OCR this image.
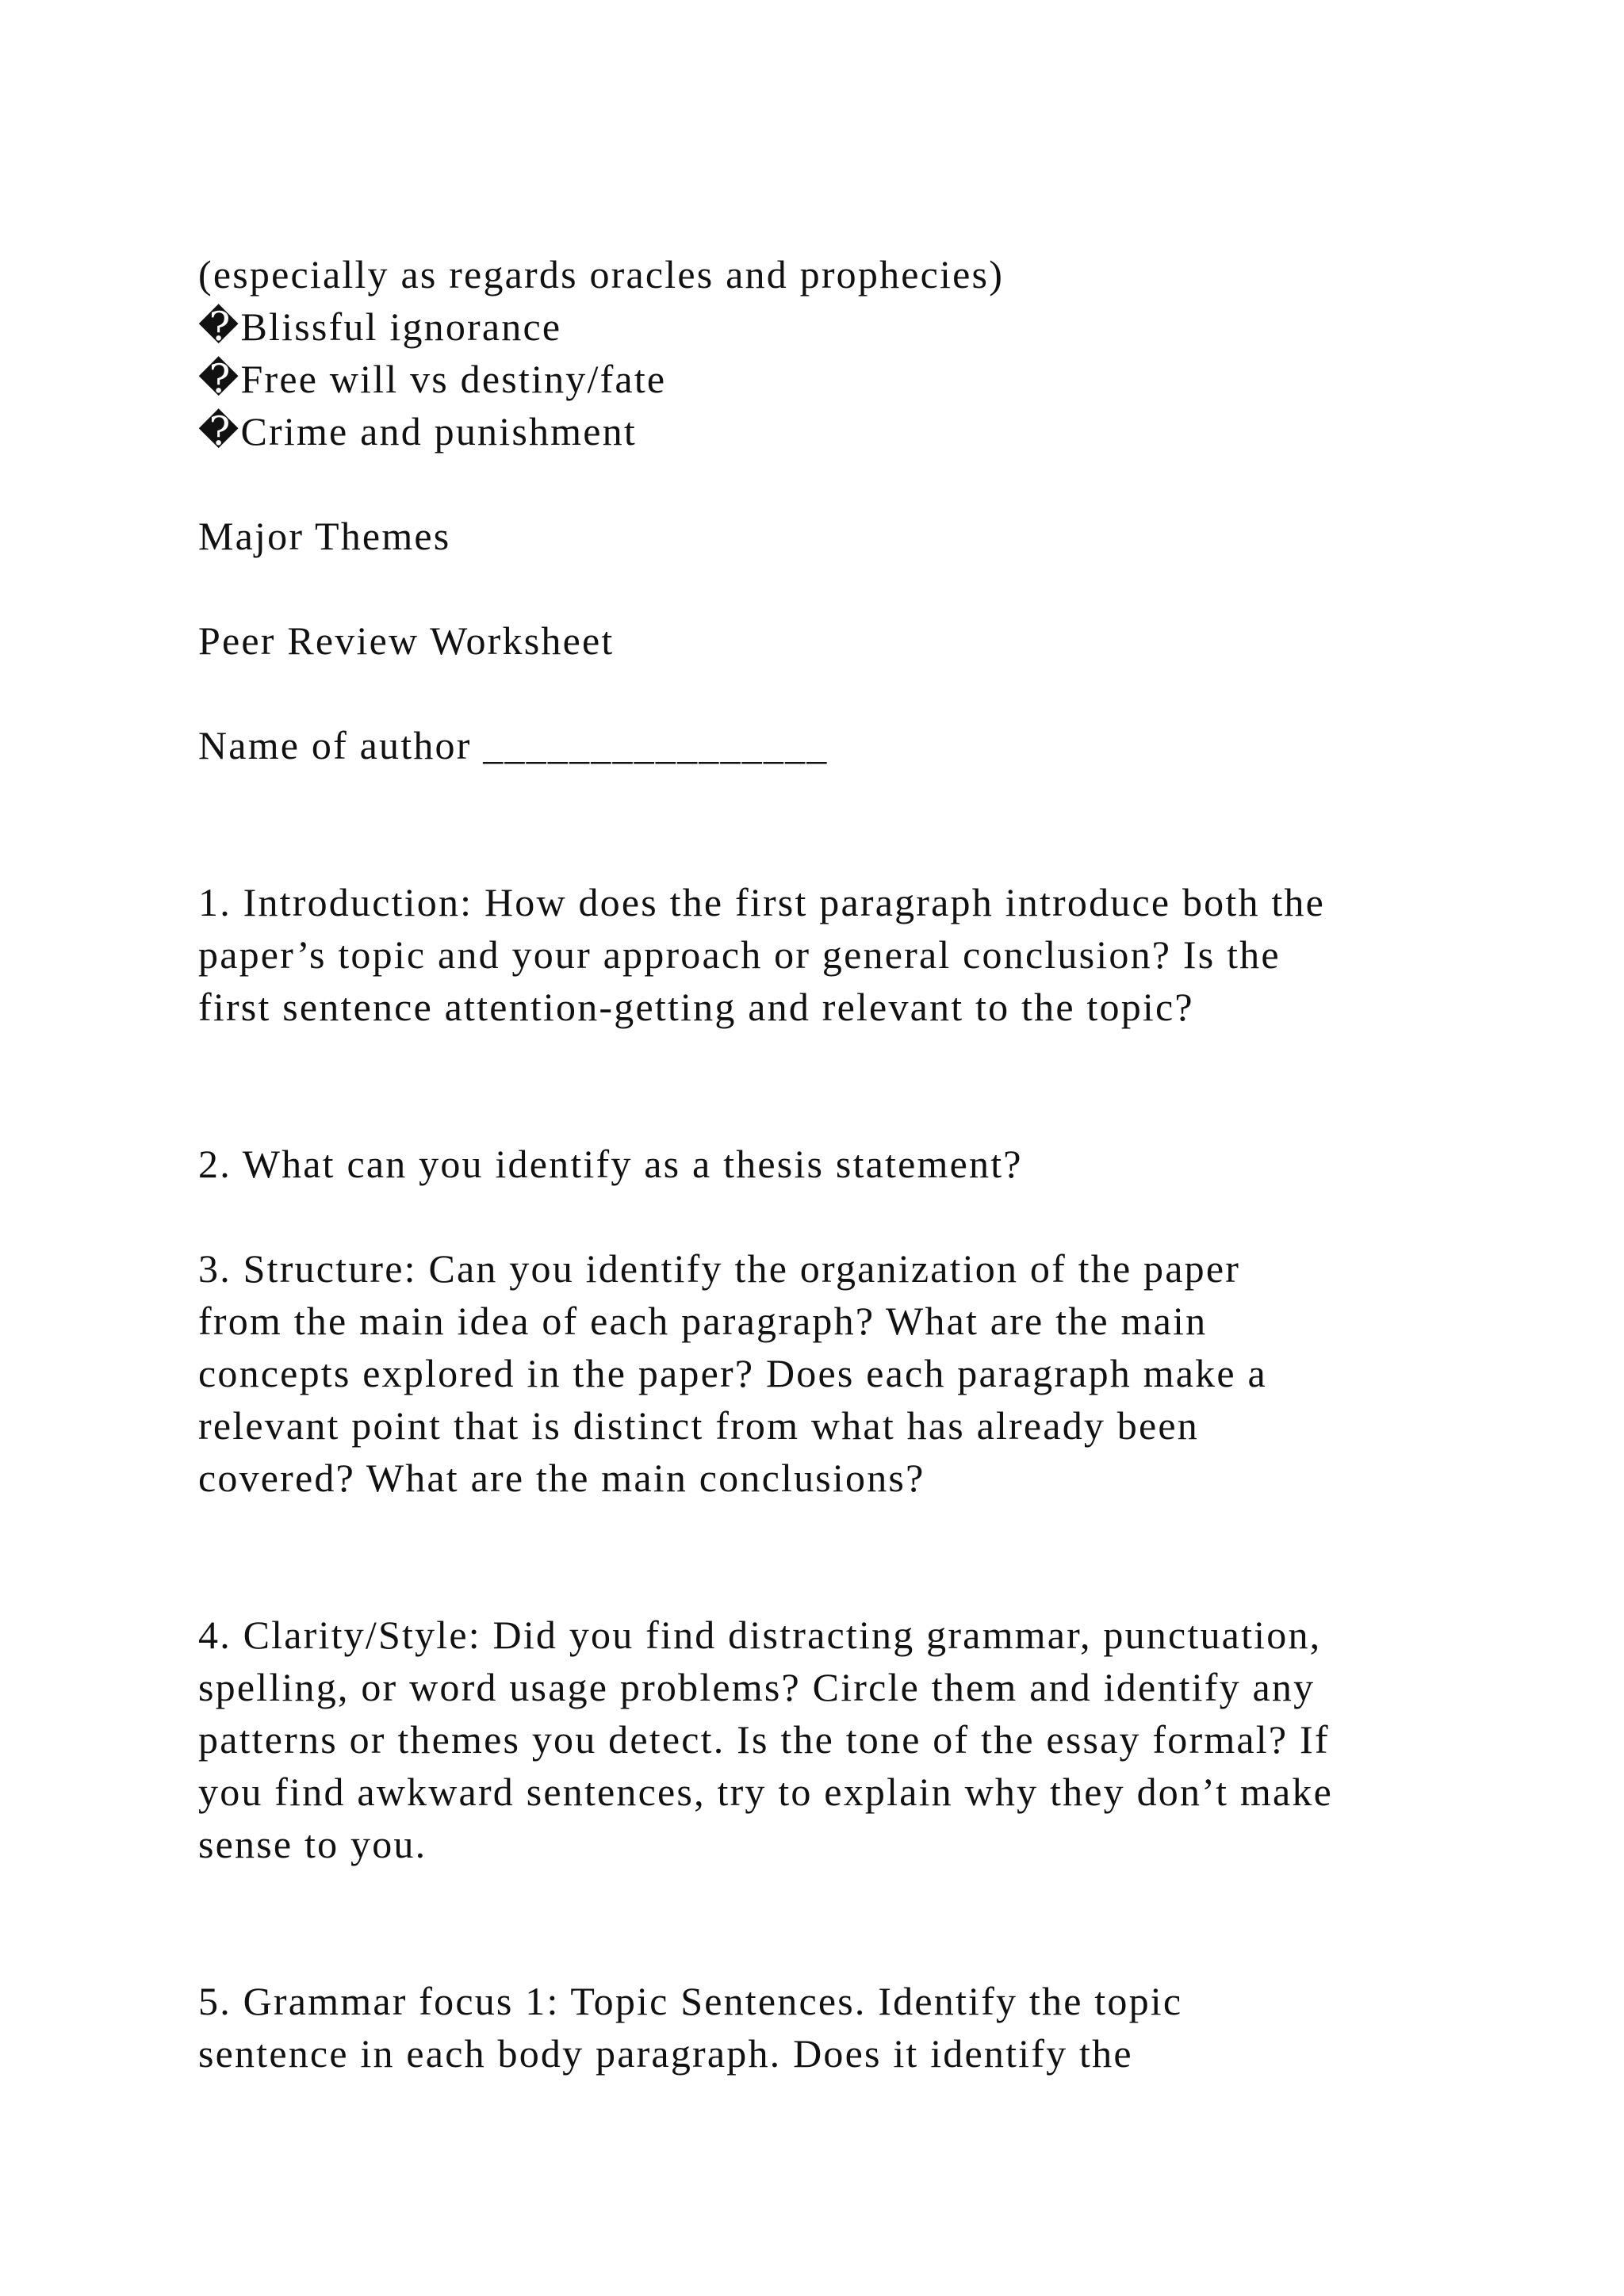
(especially as regards oracles and prophecies)
�Blissful ignorance
�Free will vs destiny/fate
�Crime and punishment
Major Themes
Peer Review Worksheet
Name of author ________________
1. Introduction: How does the first paragraph introduce both the
paper’s topic and your approach or general conclusion? Is the
first sentence attention-getting and relevant to the topic?
2. What can you identify as a thesis statement?
3. Structure: Can you identify the organization of the paper
from the main idea of each paragraph? What are the main
concepts explored in the paper? Does each paragraph make a
relevant point that is distinct from what has already been
covered? What are the main conclusions?
4. Clarity/Style: Did you find distracting grammar, punctuation,
spelling, or word usage problems? Circle them and identify any
patterns or themes you detect. Is the tone of the essay formal? If
you find awkward sentences, try to explain why they don’t make
sense to you.
5. Grammar focus 1: Topic Sentences. Identify the topic
sentence in each body paragraph. Does it identify the
